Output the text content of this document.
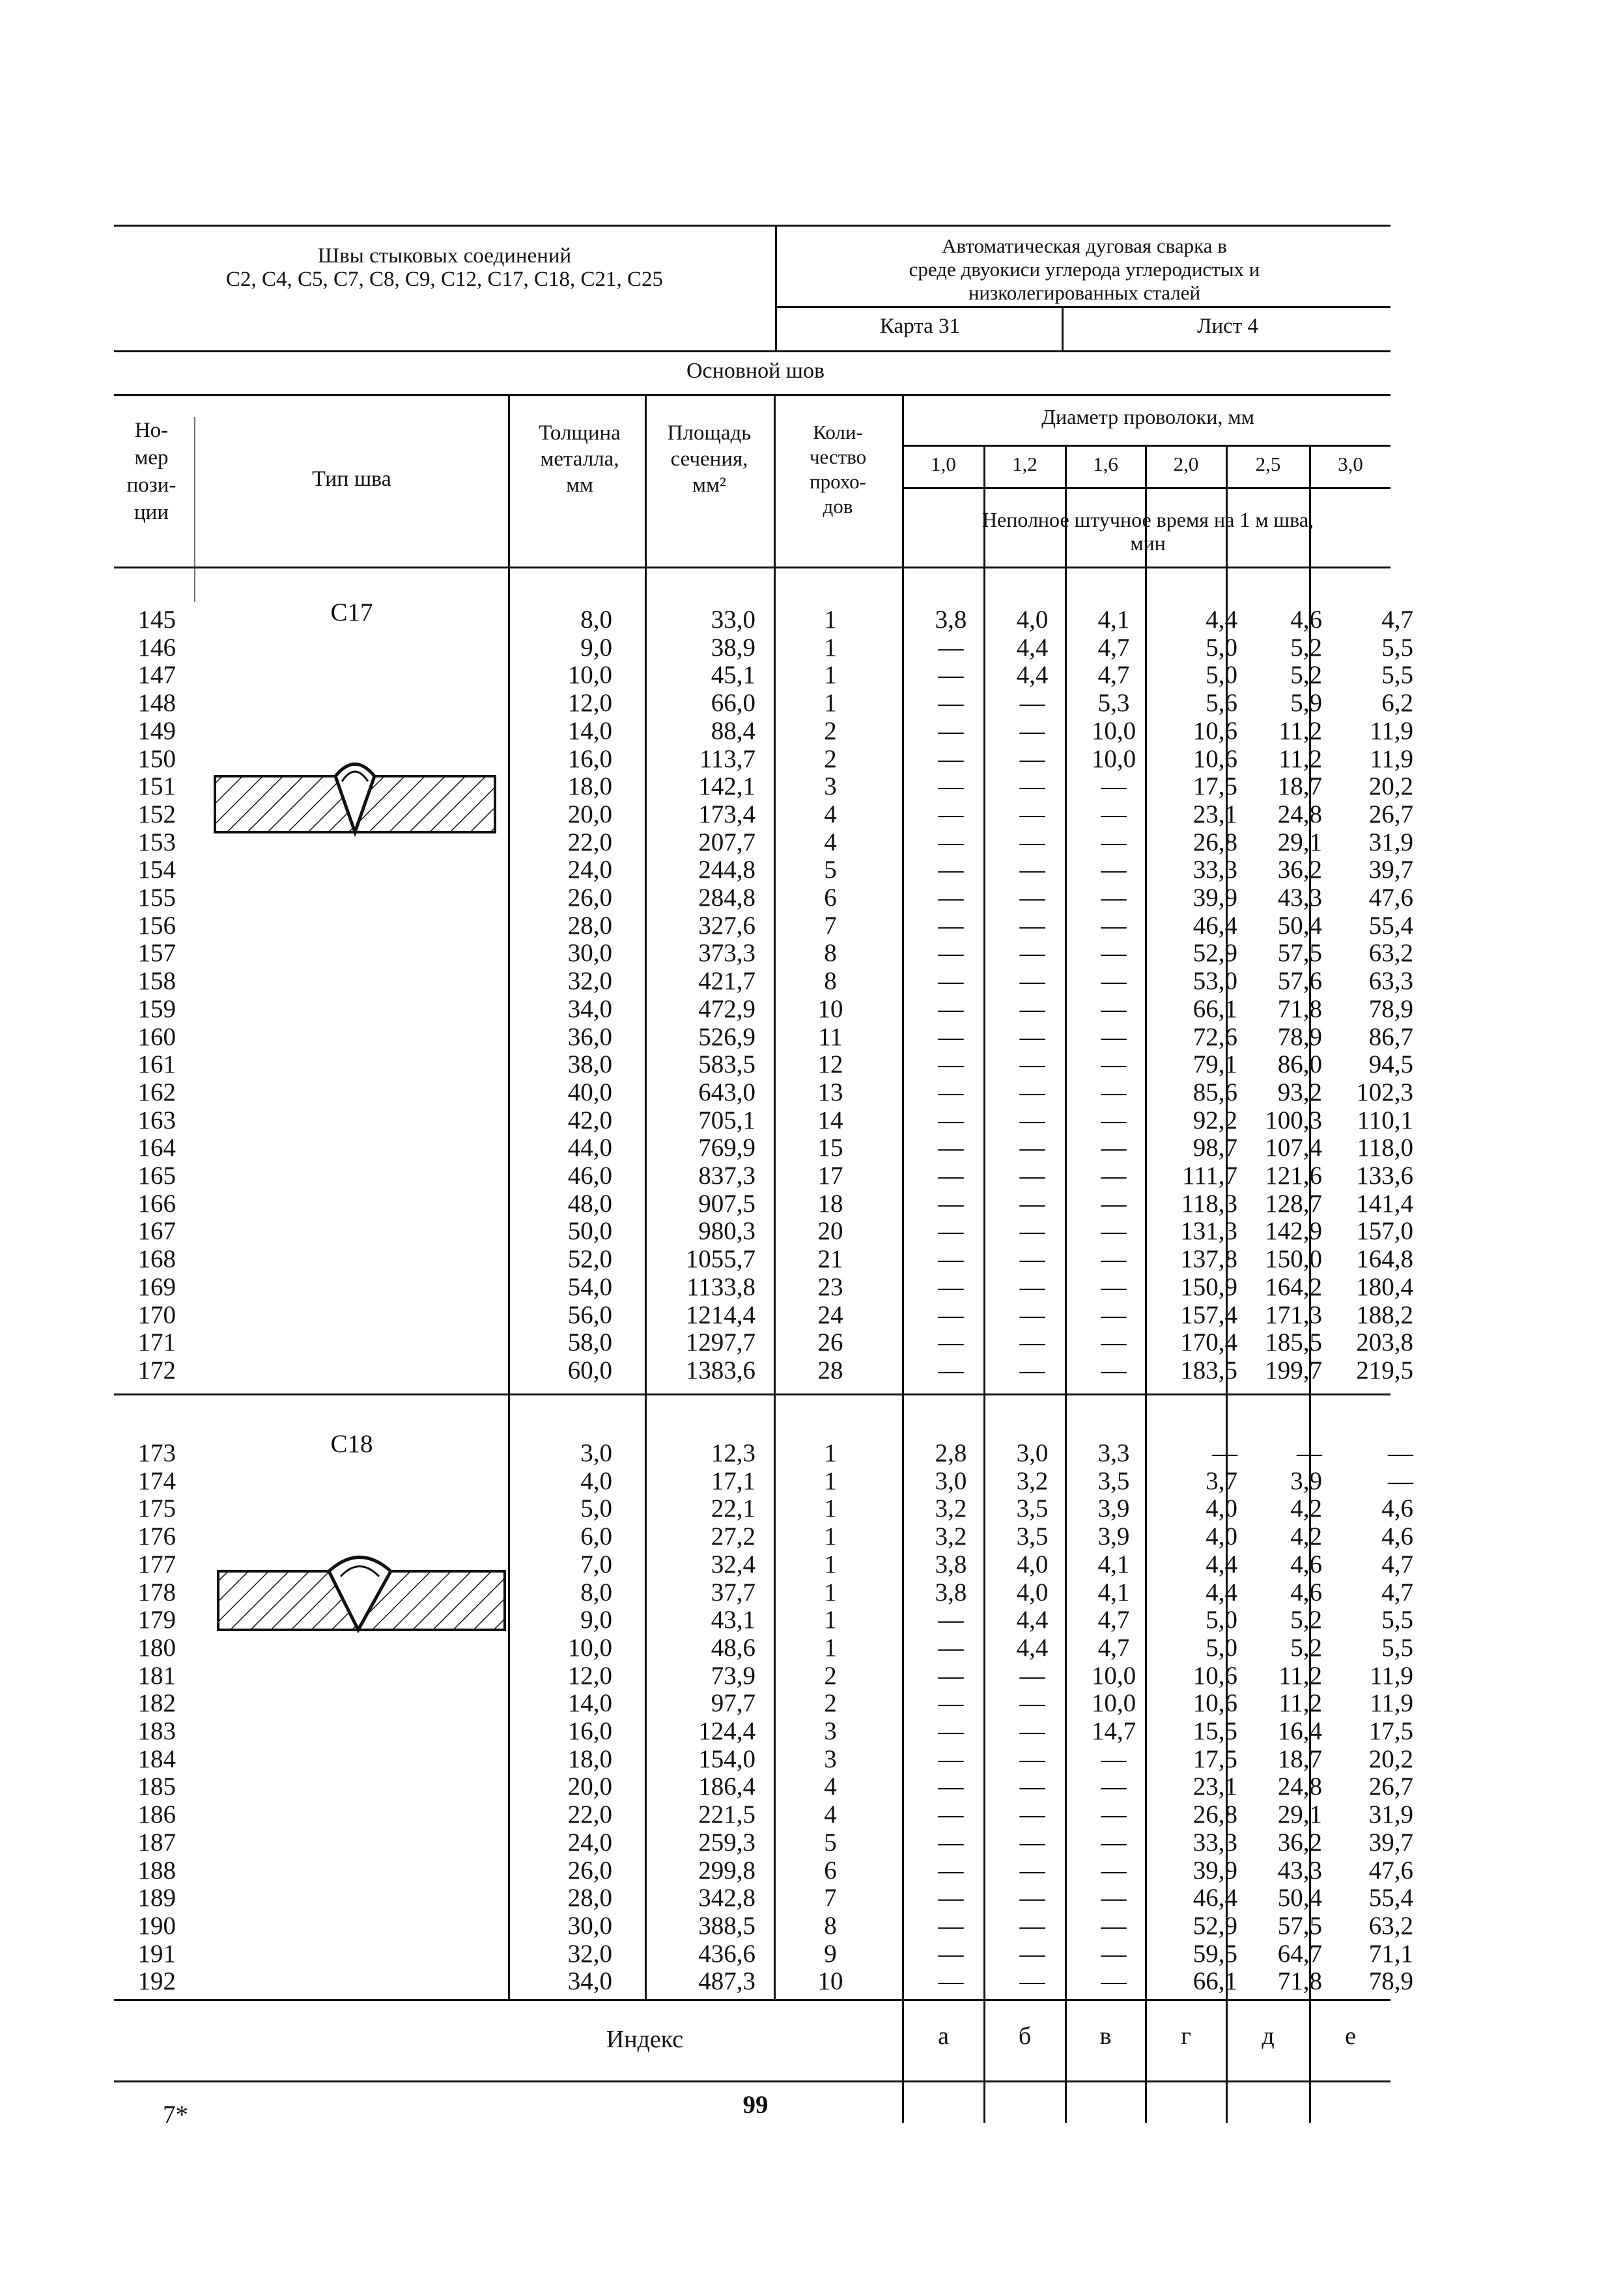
Швы стыковых соединений
С2, С4, С5, С7, С8, С9, С12, С17, С18, С21, С25
Автоматическая дуговая сварка в
среде двуокиси углерода углеродистых и
низколегированных сталей
Карта 31	Лист 4
Основной шов
Но-
мер
пози-
ции
Тип шва
Толщина
металла,
мм
Площадь
сечения,
мм²
Коли-
чество
прохо-
дов
Диаметр проволоки, мм
1,0	1,2	1,6	2,0	2,5	3,0
Неполное штучное время на 1 м шва,
мин
С17
145	8,0	33,0	1	3,8	4,0	4,1	4,4	4,6	4,7
146	9,0	38,9	1	—	4,4	4,7	5,0	5,2	5,5
147	10,0	45,1	1	—	4,4	4,7	5,0	5,2	5,5
148	12,0	66,0	1	—	—	5,3	5,6	5,9	6,2
149	14,0	88,4	2	—	—	10,0	10,6	11,2	11,9
150	16,0	113,7	2	—	—	10,0	10,6	11,2	11,9
151	18,0	142,1	3	—	—	—	17,5	18,7	20,2
152	20,0	173,4	4	—	—	—	23,1	24,8	26,7
153	22,0	207,7	4	—	—	—	26,8	29,1	31,9
154	24,0	244,8	5	—	—	—	33,3	36,2	39,7
155	26,0	284,8	6	—	—	—	39,9	43,3	47,6
156	28,0	327,6	7	—	—	—	46,4	50,4	55,4
157	30,0	373,3	8	—	—	—	52,9	57,5	63,2
158	32,0	421,7	8	—	—	—	53,0	57,6	63,3
159	34,0	472,9	10	—	—	—	66,1	71,8	78,9
160	36,0	526,9	11	—	—	—	72,6	78,9	86,7
161	38,0	583,5	12	—	—	—	79,1	86,0	94,5
162	40,0	643,0	13	—	—	—	85,6	93,2	102,3
163	42,0	705,1	14	—	—	—	92,2	100,3	110,1
164	44,0	769,9	15	—	—	—	98,7	107,4	118,0
165	46,0	837,3	17	—	—	—	111,7	121,6	133,6
166	48,0	907,5	18	—	—	—	118,3	128,7	141,4
167	50,0	980,3	20	—	—	—	131,3	142,9	157,0
168	52,0	1055,7	21	—	—	—	137,8	150,0	164,8
169	54,0	1133,8	23	—	—	—	150,9	164,2	180,4
170	56,0	1214,4	24	—	—	—	157,4	171,3	188,2
171	58,0	1297,7	26	—	—	—	170,4	185,5	203,8
172	60,0	1383,6	28	—	—	—	183,5	199,7	219,5
С18
173	3,0	12,3	1	2,8	3,0	3,3	—	—	—
174	4,0	17,1	1	3,0	3,2	3,5	3,7	3,9	—
175	5,0	22,1	1	3,2	3,5	3,9	4,0	4,2	4,6
176	6,0	27,2	1	3,2	3,5	3,9	4,0	4,2	4,6
177	7,0	32,4	1	3,8	4,0	4,1	4,4	4,6	4,7
178	8,0	37,7	1	3,8	4,0	4,1	4,4	4,6	4,7
179	9,0	43,1	1	—	4,4	4,7	5,0	5,2	5,5
180	10,0	48,6	1	—	4,4	4,7	5,0	5,2	5,5
181	12,0	73,9	2	—	—	10,0	10,6	11,2	11,9
182	14,0	97,7	2	—	—	10,0	10,6	11,2	11,9
183	16,0	124,4	3	—	—	14,7	15,5	16,4	17,5
184	18,0	154,0	3	—	—	—	17,5	18,7	20,2
185	20,0	186,4	4	—	—	—	23,1	24,8	26,7
186	22,0	221,5	4	—	—	—	26,8	29,1	31,9
187	24,0	259,3	5	—	—	—	33,3	36,2	39,7
188	26,0	299,8	6	—	—	—	39,9	43,3	47,6
189	28,0	342,8	7	—	—	—	46,4	50,4	55,4
190	30,0	388,5	8	—	—	—	52,9	57,5	63,2
191	32,0	436,6	9	—	—	—	59,5	64,7	71,1
192	34,0	487,3	10	—	—	—	66,1	71,8	78,9
Индекс	а	б	в	г	д	е
7*	99
